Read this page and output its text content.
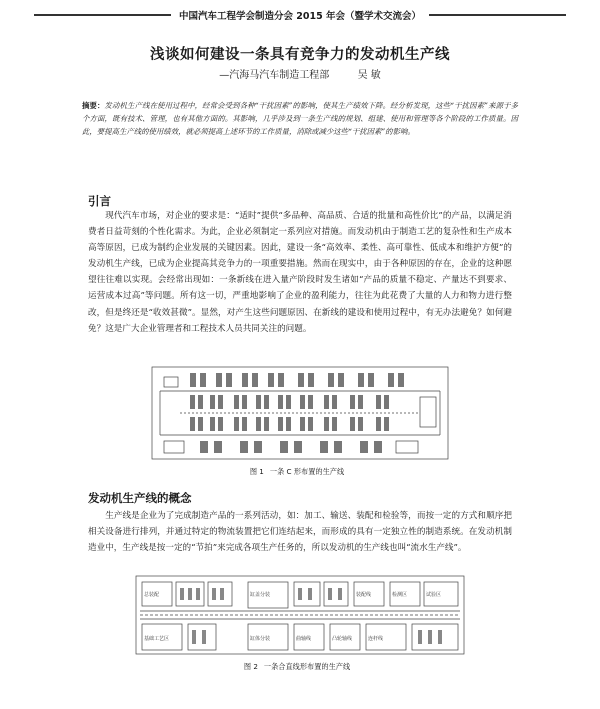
中国汽车工程学会制造分会 2015 年会（暨学术交流会）
浅谈如何建设一条具有竞争力的发动机生产线
—汽海马汽车制造工程部	吴 敏
摘要：发动机生产线在使用过程中，经常会受到各种“干扰因素”的影响，使其生产绩效下降。经分析发现，这些“干扰因素”来源于多个方面，既有技术、管理，也有其他方面的。其影响，几乎涉及到一条生产线的规划、组建、使用和管理等各个阶段的工作质量。因此，要提高生产线的使用绩效，就必须提高上述环节的工作质量，消除或减少这些“干扰因素”的影响。
引言

现代汽车市场，对企业的要求是：“适时”提供“多品种、高品质、合适的批量和高性价比”的产品，以满足消费者日益苛刻的个性化需求。为此，企业必须制定一系列应对措施。而发动机由于制造工艺的复杂性和生产成本高等原因，已成为制约企业发展的关键因素。因此，建设一条“高效率、柔性、高可靠性、低成本和维护方便”的发动机生产线，已成为企业提高其竞争力的一项重要措施。然而在现实中，由于各种原因的存在，企业的这种愿望往往难以实现。会经常出现如：一条新线在进入量产阶段时发生诸如“产品的质量不稳定、产量达不到要求、运营成本过高”等问题。所有这一切，严重地影响了企业的盈利能力，往往为此花费了大量的人力和物力进行整改，但是终还是“收效甚微”。显然，对产生这些问题原因、在新线的建设和使用过程中，有无办法避免？如何避免？这是广大企业管理者和工程技术人员共同关注的问题。

图 1 一条 C 形布置的生产线
发动机生产线的概念

生产线是企业为了完成制造产品的一系列活动，如：加工、输送、装配和检验等，而按一定的方式和顺序把相关设备进行排列，并通过特定的物流装置把它们连结起来，而形成的具有一定独立性的制造系统。在发动机制造业中，生产线是按一定的“节拍”来完成各项生产任务的，所以发动机的生产线也叫“流水生产线”。

总装配
基础工艺区
装配线
缸盖分装
缸体分装	曲轴线	凸轮轴线	连杆线
检测区	试验区
图 2 一条合直线形布置的生产线
